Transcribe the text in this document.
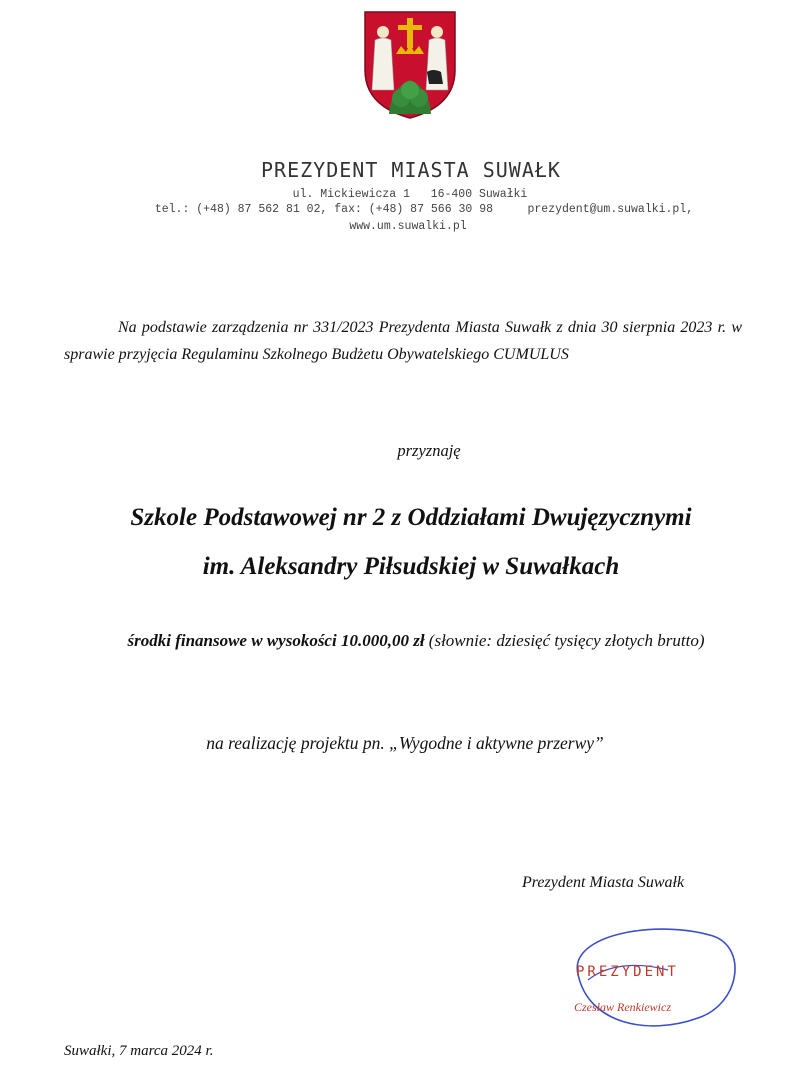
PREZYDENT MIASTA SUWAŁK
ul. Mickiewicza 1   16-400 Suwałki
tel.: (+48) 87 562 81 02, fax: (+48) 87 566 30 98     prezydent@um.suwalki.pl,
www.um.suwalki.pl
Na podstawie zarządzenia nr 331/2023 Prezydenta Miasta Suwałk z dnia 30 sierpnia 2023 r. w sprawie przyjęcia Regulaminu Szkolnego Budżetu Obywatelskiego CUMULUS
przyznaję
Szkole Podstawowej nr 2 z Oddziałami Dwujęzycznymi
im. Aleksandry Piłsudskiej w Suwałkach
środki finansowe w wysokości 10.000,00 zł (słownie: dziesięć tysięcy złotych brutto)
na realizację projektu pn. „Wygodne i aktywne przerwy”
Prezydent Miasta Suwałk
PREZYDENT
Czesław Renkiewicz
Suwałki, 7 marca 2024 r.
